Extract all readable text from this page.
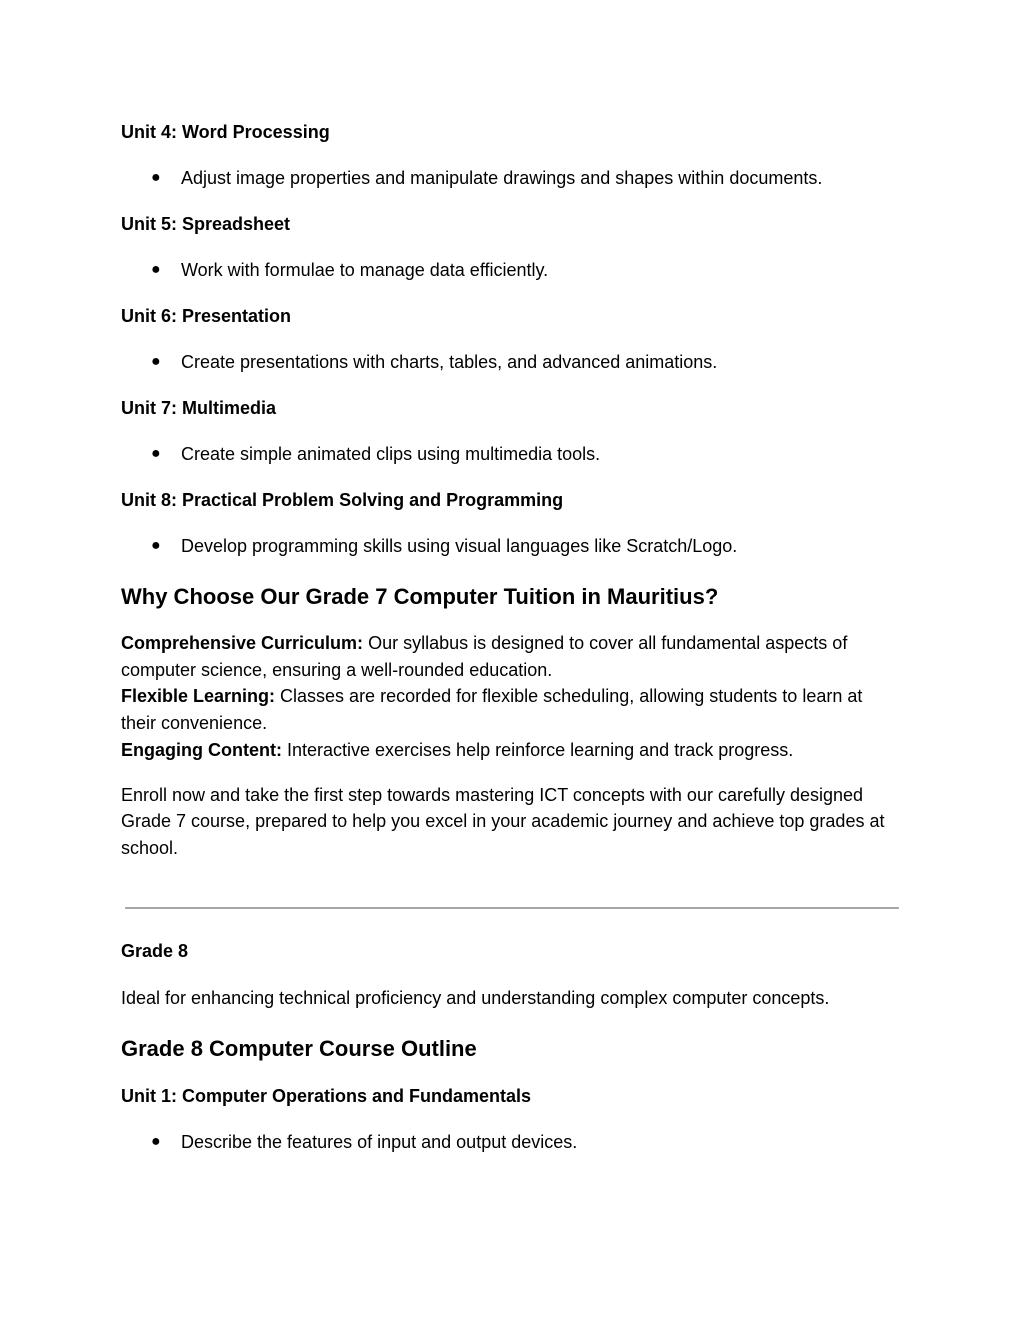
Unit 4: Word Processing

● Adjust image properties and manipulate drawings and shapes within documents.

Unit 5: Spreadsheet

● Work with formulae to manage data efficiently.

Unit 6: Presentation

● Create presentations with charts, tables, and advanced animations.

Unit 7: Multimedia

● Create simple animated clips using multimedia tools.

Unit 8: Practical Problem Solving and Programming

● Develop programming skills using visual languages like Scratch/Logo.
Why Choose Our Grade 7 Computer Tuition in Mauritius?

Comprehensive Curriculum: Our syllabus is designed to cover all fundamental aspects of computer science, ensuring a well-rounded education.

Flexible Learning: Classes are recorded for flexible scheduling, allowing students to learn at their convenience.

Engaging Content: Interactive exercises help reinforce learning and track progress.

Enroll now and take the first step towards mastering ICT concepts with our carefully designed Grade 7 course, prepared to help you excel in your academic journey and achieve top grades at school.

Grade 8

Ideal for enhancing technical proficiency and understanding complex computer concepts.

Grade 8 Computer Course Outline

Unit 1: Computer Operations and Fundamentals

● Describe the features of input and output devices.
